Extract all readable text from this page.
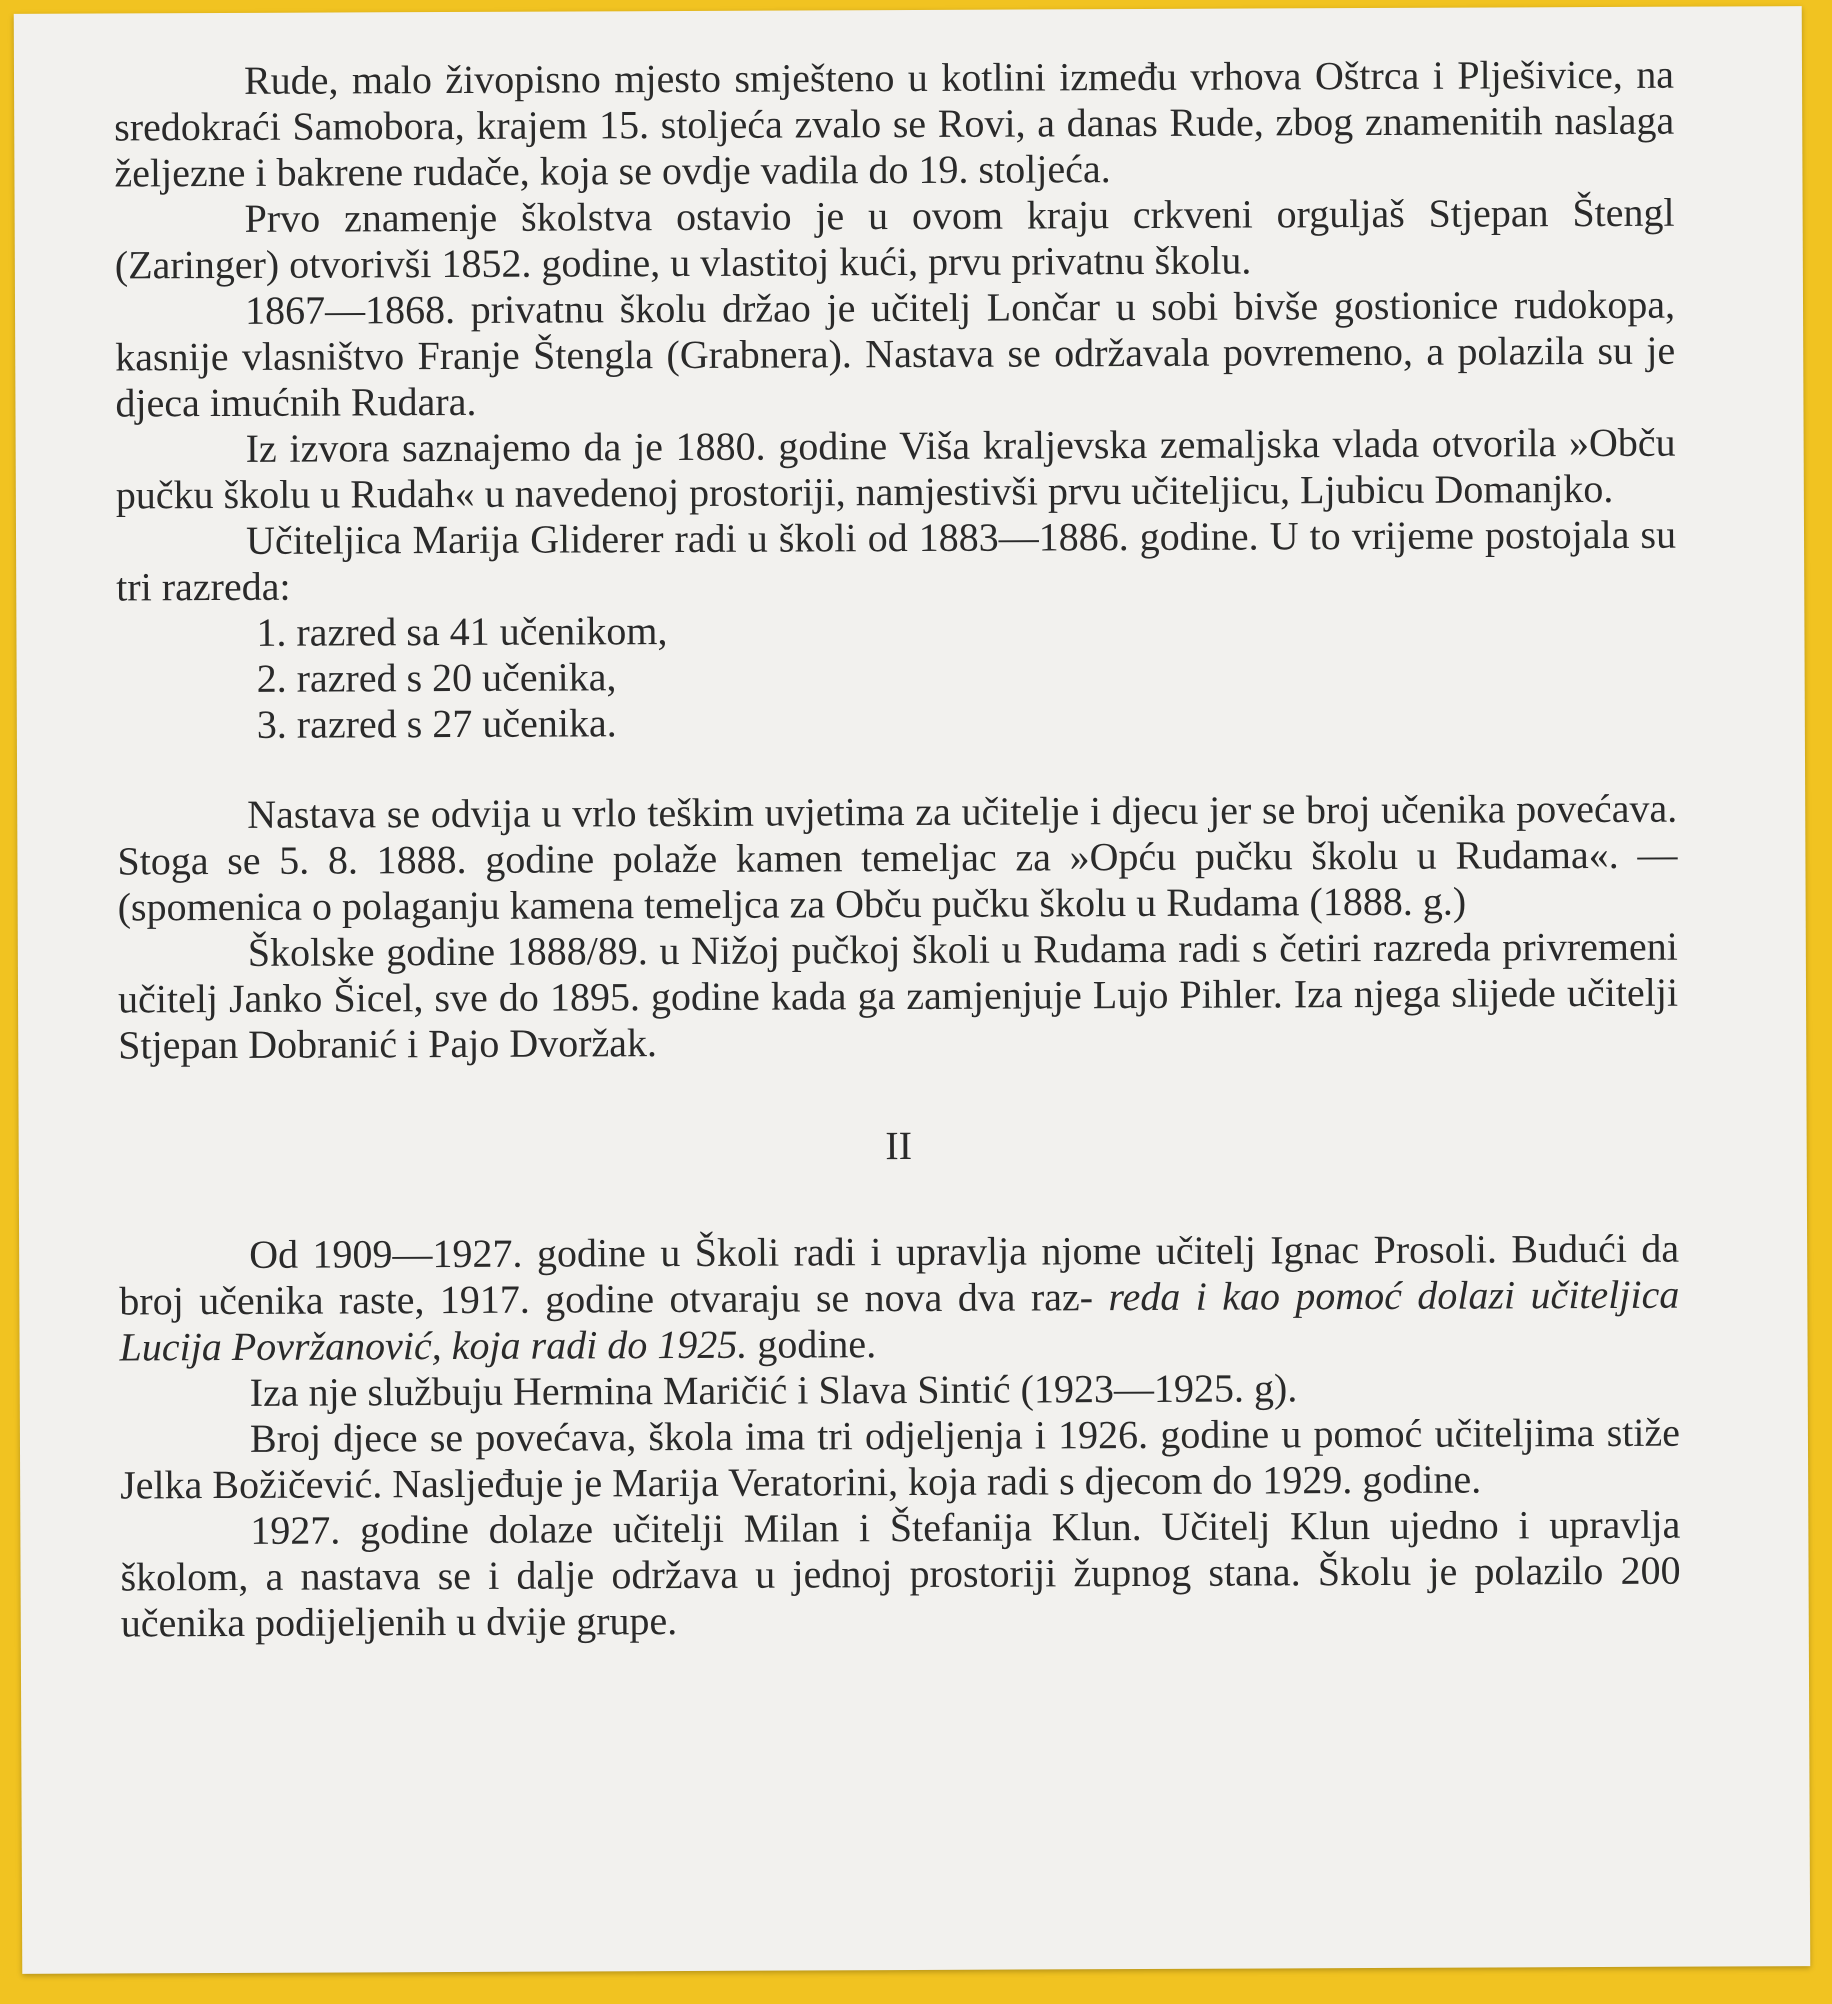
Rude, malo živopisno mjesto smješteno u kotlini između vrhova Oštrca i Plješivice, na sredokraći Samobora, krajem 15. stoljeća zvalo se Rovi, a danas Rude, zbog znamenitih naslaga željezne i bakrene rudače, koja se ovdje vadila do 19. stoljeća.

Prvo znamenje školstva ostavio je u ovom kraju crkveni orguljaš Stjepan Štengl (Zaringer) otvorivši 1852. godine, u vlastitoj kući, prvu privatnu školu.

1867—1868. privatnu školu držao je učitelj Lončar u sobi bivše gostionice rudokopa, kasnije vlasništvo Franje Štengla (Grabnera). Nastava se održavala povremeno, a polazila su je djeca imućnih Rudara.

Iz izvora saznajemo da je 1880. godine Viša kraljevska zemaljska vlada otvorila »Obču pučku školu u Rudah« u navedenoj prostoriji, namjestivši prvu učiteljicu, Ljubicu Domanjko.

Učiteljica Marija Gliderer radi u školi od 1883—1886. godine. U to vrijeme postojala su tri razreda:

1. razred sa 41 učenikom,
2. razred s 20 učenika,
3. razred s 27 učenika.

Nastava se odvija u vrlo teškim uvjetima za učitelje i djecu jer se broj učenika povećava. Stoga se 5. 8. 1888. godine polaže kamen temeljac za »Opću pučku školu u Rudama«. — (spomenica o polaganju kamena temeljca za Obču pučku školu u Rudama (1888. g.)

Školske godine 1888/89. u Nižoj pučkoj školi u Rudama radi s četiri razreda privremeni učitelj Janko Šicel, sve do 1895. godine kada ga zamjenjuje Lujo Pihler. Iza njega slijede učitelji Stjepan Dobranić i Pajo Dvoržak.

II

Od 1909—1927. godine u Školi radi i upravlja njome učitelj Ignac Prosoli. Budući da broj učenika raste, 1917. godine otvaraju se nova dva raz- reda i kao pomoć dolazi učiteljica Lucija Povržanović, koja radi do 1925. godine.

Iza nje službuju Hermina Maričić i Slava Sintić (1923—1925. g).

Broj djece se povećava, škola ima tri odjeljenja i 1926. godine u pomoć učiteljima stiže Jelka Božičević. Nasljeđuje je Marija Veratorini, koja radi s djecom do 1929. godine.

1927. godine dolaze učitelji Milan i Štefanija Klun. Učitelj Klun ujedno i upravlja školom, a nastava se i dalje održava u jednoj prostoriji župnog stana. Školu je polazilo 200 učenika podijeljenih u dvije grupe.
